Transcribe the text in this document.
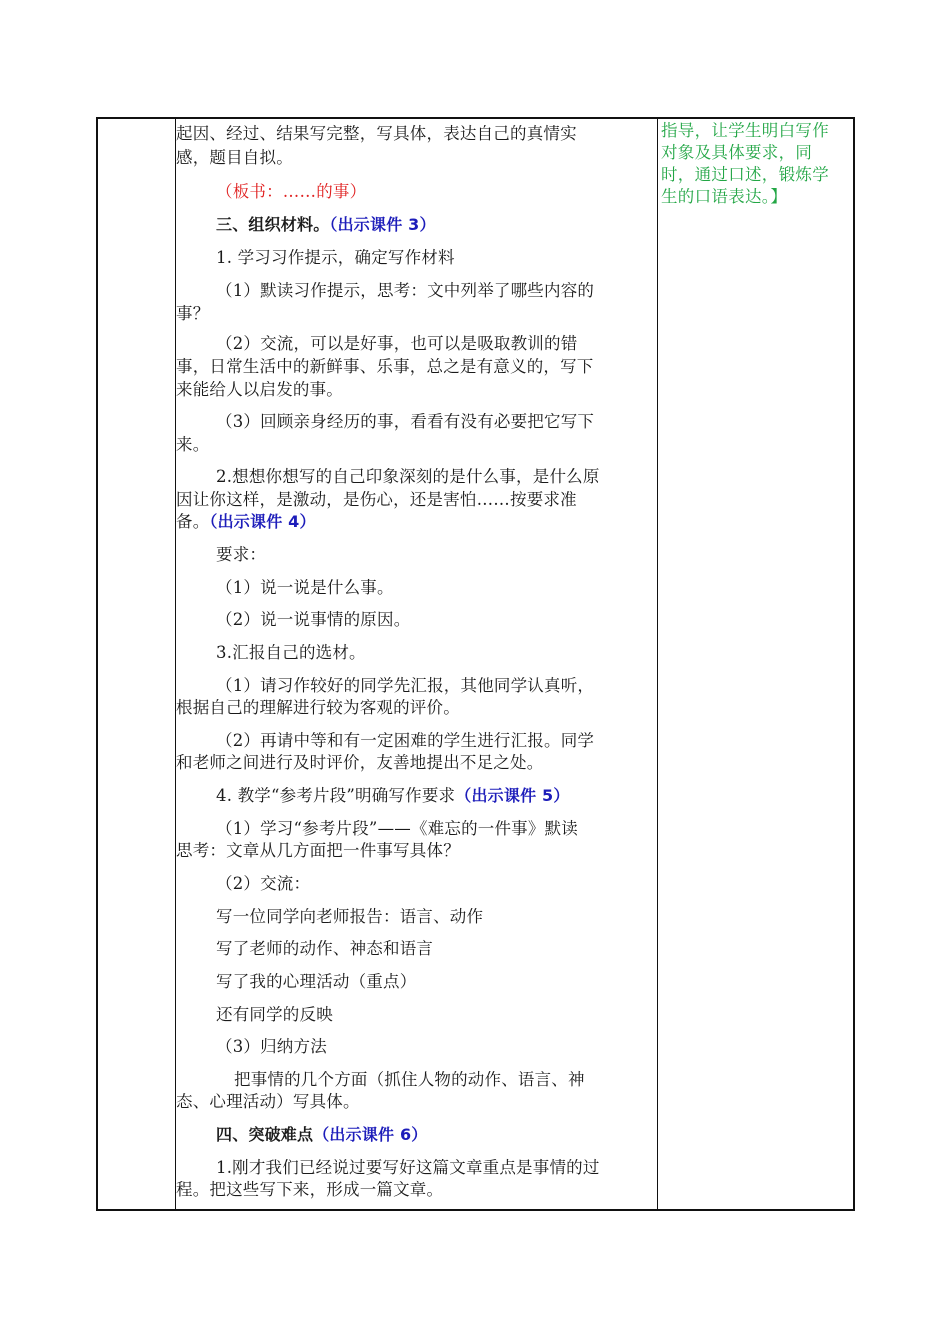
起因、经过、结果写完整，写具体，表达自己的真情实
感，题目自拟。
（板书：……的事）
三、组织材料。（出示课件 3）
1. 学习习作提示，确定写作材料
（1）默读习作提示，思考：文中列举了哪些内容的
事？
（2）交流，可以是好事，也可以是吸取教训的错
事，日常生活中的新鲜事、乐事，总之是有意义的，写下
来能给人以启发的事。
（3）回顾亲身经历的事，看看有没有必要把它写下
来。
2.想想你想写的自己印象深刻的是什么事，是什么原
因让你这样，是激动，是伤心，还是害怕……按要求准
备。（出示课件 4）
要求：
（1）说一说是什么事。
（2）说一说事情的原因。
3.汇报自己的选材。
（1）请习作较好的同学先汇报，其他同学认真听，
根据自己的理解进行较为客观的评价。
（2）再请中等和有一定困难的学生进行汇报。同学
和老师之间进行及时评价，友善地提出不足之处。
4. 教学“参考片段”明确写作要求（出示课件 5）
（1）学习“参考片段”——《难忘的一件事》默读
思考：文章从几方面把一件事写具体？
（2）交流：
写一位同学向老师报告：语言、动作
写了老师的动作、神态和语言
写了我的心理活动（重点）
还有同学的反映
（3）归纳方法
把事情的几个方面（抓住人物的动作、语言、神
态、心理活动）写具体。
四、突破难点（出示课件 6）
1.刚才我们已经说过要写好这篇文章重点是事情的过
程。把这些写下来，形成一篇文章。
指导，让学生明白写作
对象及具体要求，同
时，通过口述，锻炼学
生的口语表达。】
